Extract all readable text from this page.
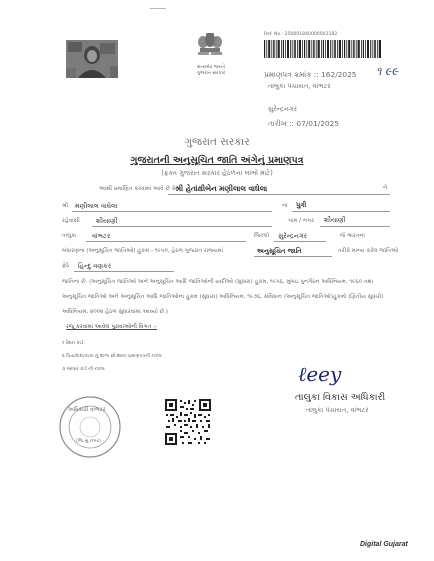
સત્યમેવ જયતે
ગુજરાત સરકાર
Ref. No.: 250001840000002182
પ્રમાણપત્ર ક્રમાંક :: 162/2025 ૧ ૯૯
તાલુકા પંચાયત, વાંભટર
સુરેન્દ્રનગર
તારીખ :: 07/01/2025
ગુજરાત સરકાર
ગુજરાતની અનુસૂચિત જાતિ અંગેનું પ્રમાણપત્ર
(ફક્ત ગુજરાત સરકાર હેઠળના લાભો માટે)
આથી પ્રમાણિત કરવામાં આવે છે કે,
શ્રી હેતાંક્ષીબેન મણીલાલ વાઘેલા	ને
શ્રી મણીલાલ વાઘેલા	ના પુત્રી
રહેવાસી શીયાણી	ગામ / નગર શીયાણી
તાલુકા વાંભટર	જિલ્લો સુરેન્દ્રનગર	જે ભારતના
બંધારણના (અનુસૂચિત જાતિઓ) હુકમ - ૧૯૫૦, હેઠળ ગુજરાત રાજ્યમાં	અનુસૂચિત જાતિ	તરીકે માન્ય કરેલ જાતિઓ
ફેઠે હિન્દુ વણકર
જાતિના છે. (અનુસૂચિત જાતિઓ અને અનુસૂચિત આદિ જાતિઓની યાદીઓ (સુધારા) હુકમ, ૧૯૫૬, મુંબઇ પુનર્ગઠન અધિનિયમ, ૧૯૬૦ તથા
અનુસૂચિત જાતિઓ અને અનુસૂચિત આદિ જાતિઓના હુકમ (સુધારા) અધિનિયમ, ૧૯૭૬, સંવિધાન (અનુસૂચિત જાતિઓ)હુકમો (દ્વિતીય સુધારો)
અધિનિયમ, ૨૦૦૨ હેઠળ સુધારવામાં આવ્યો છે.)
રજૂ કરવામાં આવેલ પુરાવાઓની વિગત :-
૧ રેશન કાર્ડ
૨ પિતા/દાદા/કાકા નું શાળા છોડ્યાના પ્રમાણપત્રની નકલ
૩ આધાર કાર્ડ ની નકલ	ℓeey
તાલુકા વિકાસ અધિકારી
તાલુકા પંચાયત, વાંભટર
અધિકારી વાંભટર
(જિ.સુ.નગર)
Digital Gujarat
